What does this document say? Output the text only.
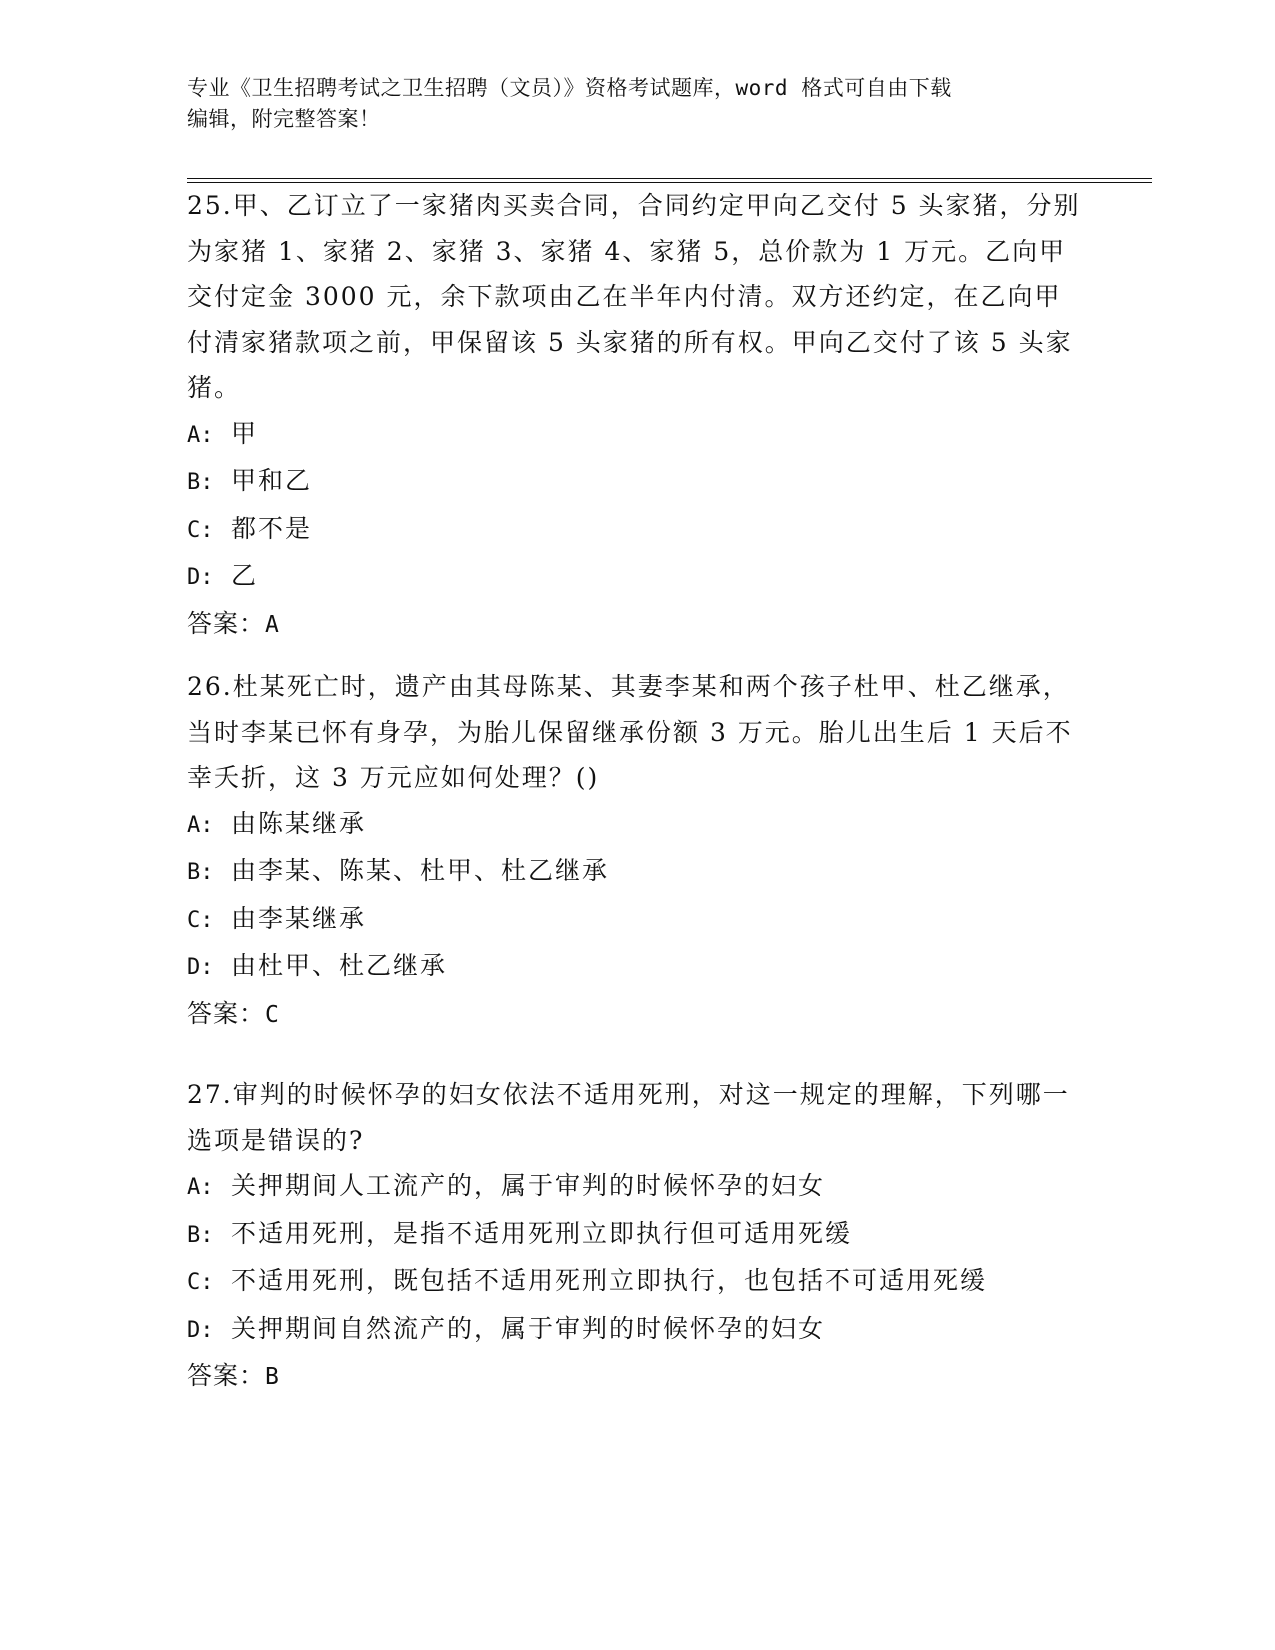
专业《卫生招聘考试之卫生招聘（文员）》资格考试题库，word 格式可自由下载
编辑，附完整答案！

25.甲、乙订立了一家猪肉买卖合同，合同约定甲向乙交付 5 头家猪，分别为家猪 1、家猪 2、家猪 3、家猪 4、家猪 5，总价款为 1 万元。乙向甲交付定金 3000 元，余下款项由乙在半年内付清。双方还约定，在乙向甲付清家猪款项之前，甲保留该 5 头家猪的所有权。甲向乙交付了该 5 头家猪。

A: 甲

B: 甲和乙

C: 都不是

D: 乙

答案：A

26.杜某死亡时，遗产由其母陈某、其妻李某和两个孩子杜甲、杜乙继承，当时李某已怀有身孕，为胎儿保留继承份额 3 万元。胎儿出生后 1 天后不幸夭折，这 3 万元应如何处理？()

A: 由陈某继承

B: 由李某、陈某、杜甲、杜乙继承

C: 由李某继承

D: 由杜甲、杜乙继承

答案：C

27.审判的时候怀孕的妇女依法不适用死刑，对这一规定的理解，下列哪一选项是错误的?

A: 关押期间人工流产的，属于审判的时候怀孕的妇女

B: 不适用死刑，是指不适用死刑立即执行但可适用死缓

C: 不适用死刑，既包括不适用死刑立即执行，也包括不可适用死缓

D: 关押期间自然流产的，属于审判的时候怀孕的妇女

答案：B
